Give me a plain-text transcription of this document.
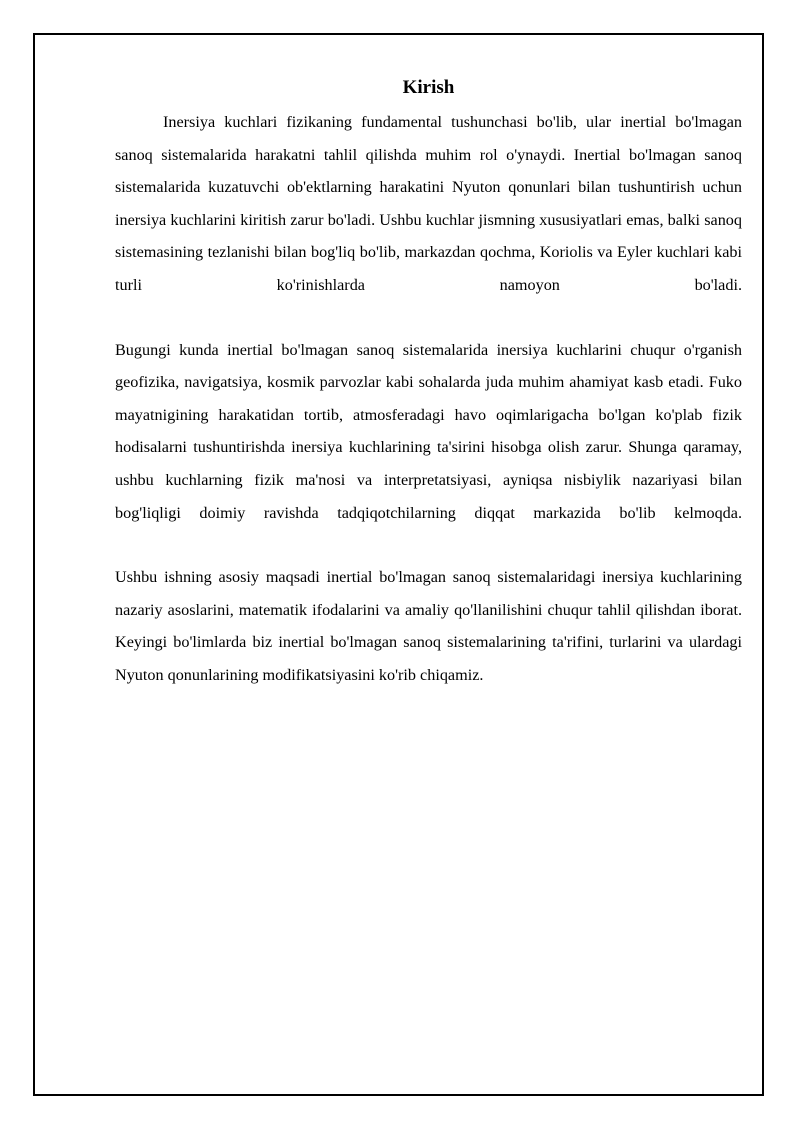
Kirish

Inersiya kuchlari fizikaning fundamental tushunchasi bo'lib, ular inertial bo'lmagan sanoq sistemalarida harakatni tahlil qilishda muhim rol o'ynaydi. Inertial bo'lmagan sanoq sistemalarida kuzatuvchi ob'ektlarning harakatini Nyuton qonunlari bilan tushuntirish uchun inersiya kuchlarini kiritish zarur bo'ladi. Ushbu kuchlar jismning xususiyatlari emas, balki sanoq sistemasining tezlanishi bilan bog'liq bo'lib, markazdan qochma, Koriolis va Eyler kuchlari kabi turli ko'rinishlarda namoyon bo'ladi.

Bugungi kunda inertial bo'lmagan sanoq sistemalarida inersiya kuchlarini chuqur o'rganish geofizika, navigatsiya, kosmik parvozlar kabi sohalarda juda muhim ahamiyat kasb etadi. Fuko mayatnigining harakatidan tortib, atmosferadagi havo oqimlarigacha bo'lgan ko'plab fizik hodisalarni tushuntirishda inersiya kuchlarining ta'sirini hisobga olish zarur. Shunga qaramay, ushbu kuchlarning fizik ma'nosi va interpretatsiyasi, ayniqsa nisbiylik nazariyasi bilan bog'liqligi doimiy ravishda tadqiqotchilarning diqqat markazida bo'lib kelmoqda.

Ushbu ishning asosiy maqsadi inertial bo'lmagan sanoq sistemalaridagi inersiya kuchlarining nazariy asoslarini, matematik ifodalarini va amaliy qo'llanilishini chuqur tahlil qilishdan iborat. Keyingi bo'limlarda biz inertial bo'lmagan sanoq sistemalarining ta'rifini, turlarini va ulardagi Nyuton qonunlarining modifikatsiyasini ko'rib chiqamiz.
